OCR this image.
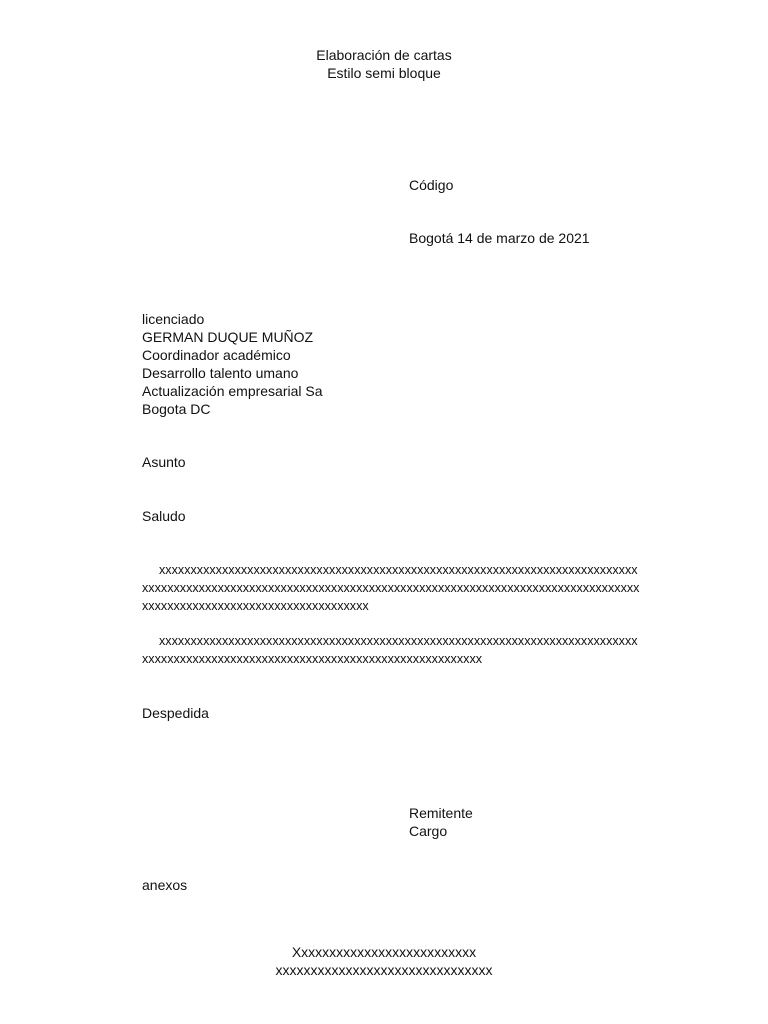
Elaboración de cartas
Estilo semi bloque
Código
Bogotá 14 de marzo de 2021
licenciado
GERMAN DUQUE MUÑOZ
Coordinador académico
Desarrollo talento umano
Actualización empresarial Sa
Bogota DC
Asunto
Saludo
xxxxxxxxxxxxxxxxxxxxxxxxxxxxxxxxxxxxxxxxxxxxxxxxxxxxxxxxxxxxxxxxxxxxxxxxxxxx
xxxxxxxxxxxxxxxxxxxxxxxxxxxxxxxxxxxxxxxxxxxxxxxxxxxxxxxxxxxxxxxxxxxxxxxxxxxxxxx
xxxxxxxxxxxxxxxxxxxxxxxxxxxxxxxxxxxx
xxxxxxxxxxxxxxxxxxxxxxxxxxxxxxxxxxxxxxxxxxxxxxxxxxxxxxxxxxxxxxxxxxxxxxxxxxxx
xxxxxxxxxxxxxxxxxxxxxxxxxxxxxxxxxxxxxxxxxxxxxxxxxxxxxx
Despedida
Remitente
Cargo
anexos
Xxxxxxxxxxxxxxxxxxxxxxxxxx
xxxxxxxxxxxxxxxxxxxxxxxxxxxxxxx
